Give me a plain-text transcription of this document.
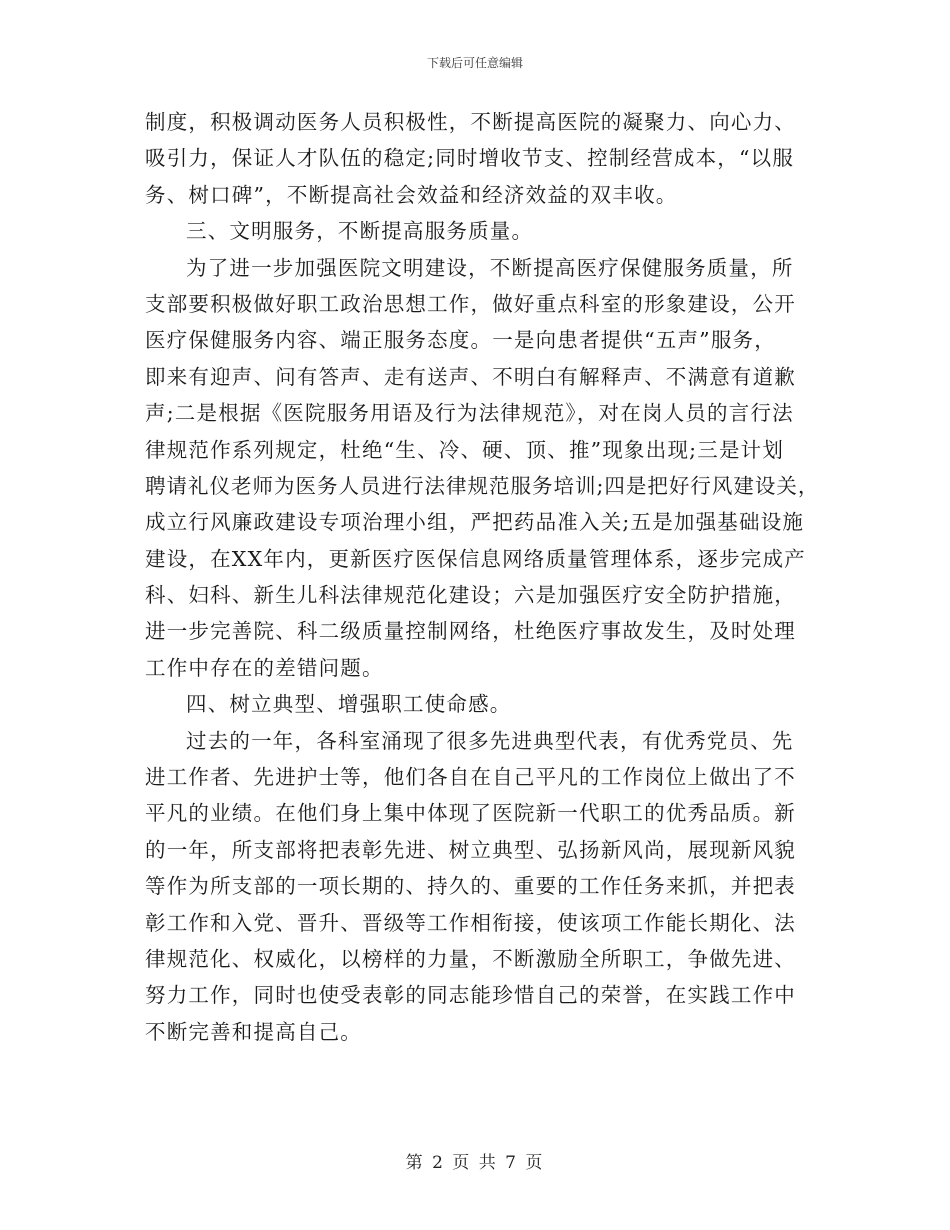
下载后可任意编辑
制度，积极调动医务人员积极性，不断提高医院的凝聚力、向心力、
吸引力，保证人才队伍的稳定;同时增收节支、控制经营成本，“以服
务、树口碑”，不断提高社会效益和经济效益的双丰收。
三、文明服务，不断提高服务质量。
为了进一步加强医院文明建设，不断提高医疗保健服务质量，所
支部要积极做好职工政治思想工作，做好重点科室的形象建设，公开
医疗保健服务内容、端正服务态度。一是向患者提供“五声”服务，
即来有迎声、问有答声、走有送声、不明白有解释声、不满意有道歉
声;二是根据《医院服务用语及行为法律规范》，对在岗人员的言行法
律规范作系列规定，杜绝“生、冷、硬、顶、推”现象出现;三是计划
聘请礼仪老师为医务人员进行法律规范服务培训;四是把好行风建设关，
成立行风廉政建设专项治理小组，严把药品准入关;五是加强基础设施
建设，在XX年内，更新医疗医保信息网络质量管理体系，逐步完成产
科、妇科、新生儿科法律规范化建设；六是加强医疗安全防护措施，
进一步完善院、科二级质量控制网络，杜绝医疗事故发生，及时处理
工作中存在的差错问题。
四、树立典型、增强职工使命感。
过去的一年，各科室涌现了很多先进典型代表，有优秀党员、先
进工作者、先进护士等，他们各自在自己平凡的工作岗位上做出了不
平凡的业绩。在他们身上集中体现了医院新一代职工的优秀品质。新
的一年，所支部将把表彰先进、树立典型、弘扬新风尚，展现新风貌
等作为所支部的一项长期的、持久的、重要的工作任务来抓，并把表
彰工作和入党、晋升、晋级等工作相衔接，使该项工作能长期化、法
律规范化、权威化，以榜样的力量，不断激励全所职工，争做先进、
努力工作，同时也使受表彰的同志能珍惜自己的荣誉，在实践工作中
不断完善和提高自己。
第 2 页 共 7 页
